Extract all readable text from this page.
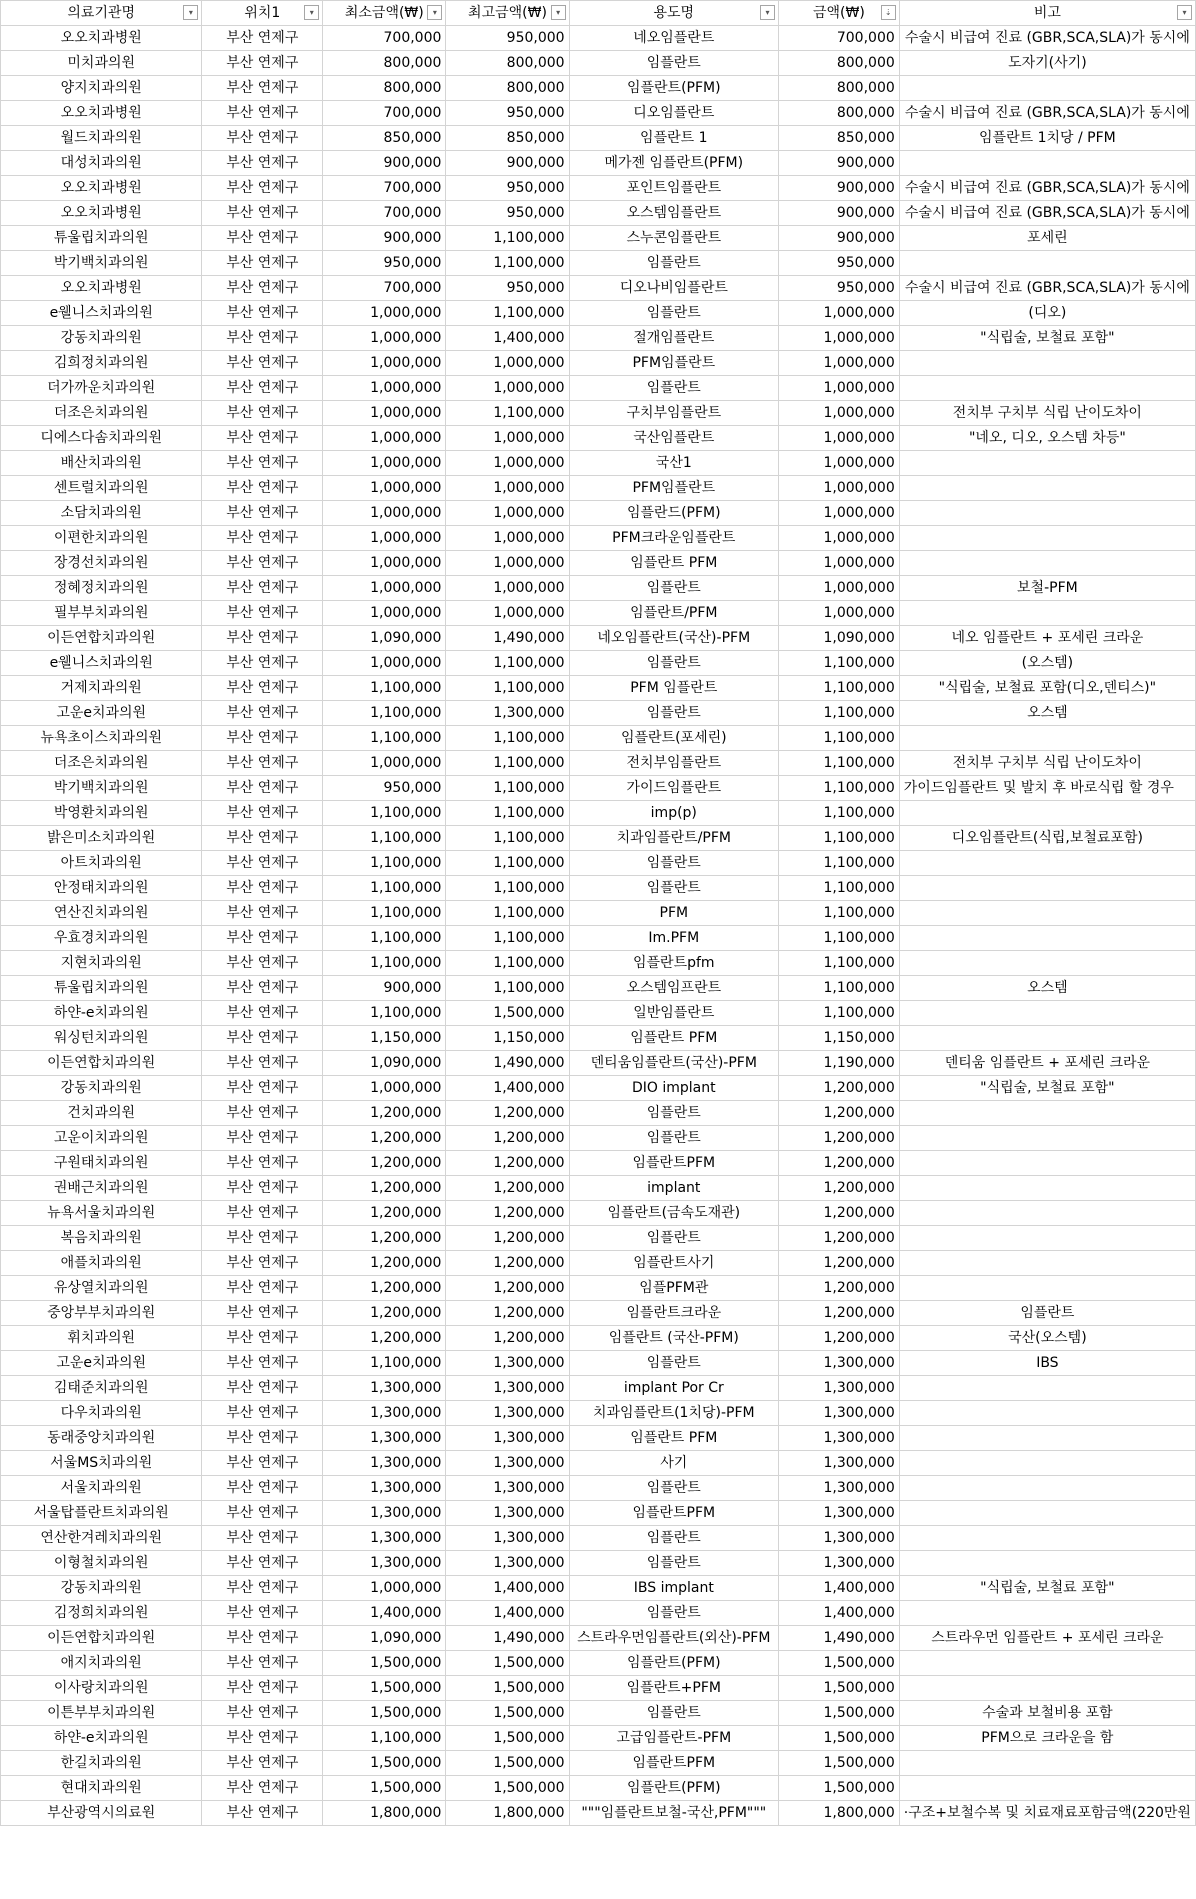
의료기관명 ▾	위치1 ▾	최소금액(₩) ▾	최고금액(₩) ▾	용도명 ▾	금액(₩) ⇣	비고 ▾

오오치과병원	부산 연제구	700,000	950,000	네오임플란트	700,000	수술시 비급여 진료 (GBR,SCA,SLA)가 동시에
미치과의원	부산 연제구	800,000	800,000	임플란트	800,000	도자기(사기)
양지치과의원	부산 연제구	800,000	800,000	임플란트(PFM)	800,000	
오오치과병원	부산 연제구	700,000	950,000	디오임플란트	800,000	수술시 비급여 진료 (GBR,SCA,SLA)가 동시에
월드치과의원	부산 연제구	850,000	850,000	임플란트 1	850,000	임플란트 1치당 / PFM
대성치과의원	부산 연제구	900,000	900,000	메가젠 임플란트(PFM)	900,000	
오오치과병원	부산 연제구	700,000	950,000	포인트임플란트	900,000	수술시 비급여 진료 (GBR,SCA,SLA)가 동시에
오오치과병원	부산 연제구	700,000	950,000	오스템임플란트	900,000	수술시 비급여 진료 (GBR,SCA,SLA)가 동시에
튜울립치과의원	부산 연제구	900,000	1,100,000	스누콘임플란트	900,000	포세린
박기백치과의원	부산 연제구	950,000	1,100,000	임플란트	950,000	
오오치과병원	부산 연제구	700,000	950,000	디오나비임플란트	950,000	수술시 비급여 진료 (GBR,SCA,SLA)가 동시에
e웰니스치과의원	부산 연제구	1,000,000	1,100,000	임플란트	1,000,000	(디오)
강동치과의원	부산 연제구	1,000,000	1,400,000	절개임플란트	1,000,000	"식립술, 보철료 포함"
김희정치과의원	부산 연제구	1,000,000	1,000,000	PFM임플란트	1,000,000	
더가까운치과의원	부산 연제구	1,000,000	1,000,000	임플란트	1,000,000	
더조은치과의원	부산 연제구	1,000,000	1,100,000	구치부임플란트	1,000,000	전치부 구치부 식립 난이도차이
디에스다솜치과의원	부산 연제구	1,000,000	1,000,000	국산임플란트	1,000,000	"네오, 디오, 오스템 차등"
배산치과의원	부산 연제구	1,000,000	1,000,000	국산1	1,000,000	
센트럴치과의원	부산 연제구	1,000,000	1,000,000	PFM임플란트	1,000,000	
소담치과의원	부산 연제구	1,000,000	1,000,000	임플란드(PFM)	1,000,000	
이편한치과의원	부산 연제구	1,000,000	1,000,000	PFM크라운임플란트	1,000,000	
장경선치과의원	부산 연제구	1,000,000	1,000,000	임플란트 PFM	1,000,000	
정혜정치과의원	부산 연제구	1,000,000	1,000,000	임플란트	1,000,000	보철-PFM
필부부치과의원	부산 연제구	1,000,000	1,000,000	임플란트/PFM	1,000,000	
이든연합치과의원	부산 연제구	1,090,000	1,490,000	네오임플란트(국산)-PFM	1,090,000	네오 임플란트 + 포세린 크라운
e웰니스치과의원	부산 연제구	1,000,000	1,100,000	임플란트	1,100,000	(오스템)
거제치과의원	부산 연제구	1,100,000	1,100,000	PFM 임플란트	1,100,000	"식립술, 보철료 포함(디오,덴티스)"
고운e치과의원	부산 연제구	1,100,000	1,300,000	임플란트	1,100,000	오스템
뉴욕초이스치과의원	부산 연제구	1,100,000	1,100,000	임플란트(포세린)	1,100,000	
더조은치과의원	부산 연제구	1,000,000	1,100,000	전치부임플란트	1,100,000	전치부 구치부 식립 난이도차이
박기백치과의원	부산 연제구	950,000	1,100,000	가이드임플란트	1,100,000	가이드임플란트 및 발치 후 바로식립 할 경우
박영환치과의원	부산 연제구	1,100,000	1,100,000	imp(p)	1,100,000	
밝은미소치과의원	부산 연제구	1,100,000	1,100,000	치과임플란트/PFM	1,100,000	디오임플란트(식립,보철료포함)
아트치과의원	부산 연제구	1,100,000	1,100,000	임플란트	1,100,000	
안정태치과의원	부산 연제구	1,100,000	1,100,000	임플란트	1,100,000	
연산진치과의원	부산 연제구	1,100,000	1,100,000	PFM	1,100,000	
우효경치과의원	부산 연제구	1,100,000	1,100,000	Im.PFM	1,100,000	
지현치과의원	부산 연제구	1,100,000	1,100,000	임플란트pfm	1,100,000	
튜울립치과의원	부산 연제구	900,000	1,100,000	오스템임프란트	1,100,000	오스템
하얀-e치과의원	부산 연제구	1,100,000	1,500,000	일반임플란트	1,100,000	
워싱턴치과의원	부산 연제구	1,150,000	1,150,000	임플란트 PFM	1,150,000	
이든연합치과의원	부산 연제구	1,090,000	1,490,000	덴티움임플란트(국산)-PFM	1,190,000	덴티움 임플란트 + 포세린 크라운
강동치과의원	부산 연제구	1,000,000	1,400,000	DIO implant	1,200,000	"식립술, 보철료 포함"
건치과의원	부산 연제구	1,200,000	1,200,000	임플란트	1,200,000	
고운이치과의원	부산 연제구	1,200,000	1,200,000	임플란트	1,200,000	
구원태치과의원	부산 연제구	1,200,000	1,200,000	임플란트PFM	1,200,000	
권배근치과의원	부산 연제구	1,200,000	1,200,000	implant	1,200,000	
뉴욕서울치과의원	부산 연제구	1,200,000	1,200,000	임플란트(금속도재관)	1,200,000	
복음치과의원	부산 연제구	1,200,000	1,200,000	임플란트	1,200,000	
애플치과의원	부산 연제구	1,200,000	1,200,000	임플란트사기	1,200,000	
유상열치과의원	부산 연제구	1,200,000	1,200,000	임플PFM관	1,200,000	
중앙부부치과의원	부산 연제구	1,200,000	1,200,000	임플란트크라운	1,200,000	임플란트
휘치과의원	부산 연제구	1,200,000	1,200,000	임플란트 (국산-PFM)	1,200,000	국산(오스템)
고운e치과의원	부산 연제구	1,100,000	1,300,000	임플란트	1,300,000	IBS
김태준치과의원	부산 연제구	1,300,000	1,300,000	implant Por Cr	1,300,000	
다우치과의원	부산 연제구	1,300,000	1,300,000	치과임플란트(1치당)-PFM	1,300,000	
동래중앙치과의원	부산 연제구	1,300,000	1,300,000	임플란트 PFM	1,300,000	
서울MS치과의원	부산 연제구	1,300,000	1,300,000	사기	1,300,000	
서울치과의원	부산 연제구	1,300,000	1,300,000	임플란트	1,300,000	
서울탑플란트치과의원	부산 연제구	1,300,000	1,300,000	임플란트PFM	1,300,000	
연산한겨레치과의원	부산 연제구	1,300,000	1,300,000	임플란트	1,300,000	
이형철치과의원	부산 연제구	1,300,000	1,300,000	임플란트	1,300,000	
강동치과의원	부산 연제구	1,000,000	1,400,000	IBS implant	1,400,000	"식립술, 보철료 포함"
김정희치과의원	부산 연제구	1,400,000	1,400,000	임플란트	1,400,000	
이든연합치과의원	부산 연제구	1,090,000	1,490,000	스트라우먼임플란트(외산)-PFM	1,490,000	스트라우먼 임플란트 + 포세린 크라운
애지치과의원	부산 연제구	1,500,000	1,500,000	임플란트(PFM)	1,500,000	
이사랑치과의원	부산 연제구	1,500,000	1,500,000	임플란트+PFM	1,500,000	
이튼부부치과의원	부산 연제구	1,500,000	1,500,000	임플란트	1,500,000	수술과 보철비용 포함
하얀-e치과의원	부산 연제구	1,100,000	1,500,000	고급임플란트-PFM	1,500,000	PFM으로 크라운을 함
한길치과의원	부산 연제구	1,500,000	1,500,000	임플란트PFM	1,500,000	
현대치과의원	부산 연제구	1,500,000	1,500,000	임플란트(PFM)	1,500,000	
부산광역시의료원	부산 연제구	1,800,000	1,800,000	"""임플란트보철-국산,PFM"""	1,800,000	·구조+보철수복 및 치료재료포함금액(220만원
